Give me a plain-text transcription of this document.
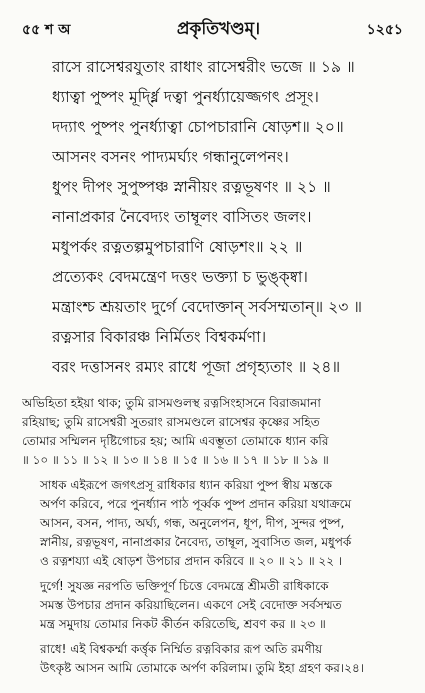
৫৫ শ অ	প্রকৃতিখণ্ডম্।	১২৫১
রাসে রাসেশ্বরযুতাং রাধাং রাসেশ্বরীং ভজে ॥ ১৯ ॥
ধ্যাত্বা পুষ্পং মূর্দ্ধ্নি দত্বা পুনর্ধ্যায়েজ্জগৎ প্রসূং।
দদ্যাৎ পুষ্পং পুনর্ধ্যাত্বা চোপচারানি ষোড়শ॥ ২০॥
আসনং বসনং পাদ্যমর্ঘ্যং গন্ধানুলেপনং।
ধুপং দীপং সুপুষ্পঞ্চ স্নানীয়ং রত্নভূষণং ॥ ২১ ॥
নানাপ্রকার নৈবেদ্যং তাম্বূলং বাসিতং জলং।
মধুপর্কং রত্নতল্পমুপচারাণি ষোড়শং॥ ২২ ॥
প্রত্যেকং বেদমন্ত্রেণ দত্তং ভক্ত্যা চ ভুঙ্‌ক্ষ্বা।
মন্ত্রাংশ্চ শ্রূয়তাং দুর্গে বেদোক্তান্ সর্বসম্মতান্॥ ২৩ ॥
রত্নসার বিকারঞ্চ নির্মিতং বিশ্বকর্মণা।
বরং দত্তাসনং রম্যং রাধে পূজা প্রগৃহ্যতাং ॥ ২৪॥

অভিহিতা হইয়া থাক; তুমি রাসমণ্ডলস্থ রত্নসিংহাসনে বিরাজমানা
রহিয়াছ; তুমি রাসেশ্বরী সুতরাং রাসমণ্ডলে রাসেশ্বর কৃষ্ণের সহিত
তোমার সম্মিলন দৃষ্টিগোচর হয়; আমি এবম্ভূতা তোমাকে ধ্যান করি
॥ ১০ ॥ ১১ ॥ ১২ ॥ ১৩ ॥ ১৪ ॥ ১৫ ॥ ১৬ ॥ ১৭ ॥ ১৮ ॥ ১৯ ॥

সাধক এইরূপে জগৎপ্রসূ রাধিকার ধ্যান করিয়া পুষ্প স্বীয় মস্তকে
অর্পণ করিবে, পরে পুনর্ধ্যান পাঠ পূর্ব্বক পুষ্প প্রদান করিয়া যথাক্রমে
আসন, বসন, পাদ্য, অর্ঘ্য, গন্ধ, অনুলেপন, ধূপ, দীপ, সুন্দর পুষ্প,
স্নানীয়, রত্নভূষণ, নানাপ্রকার নৈবেদ্য, তাম্বূল, সুবাসিত জল, মধুপর্ক
ও রত্নশয্যা এই ষোড়শ উপচার প্রদান করিবে ॥ ২০ ॥ ২১ ॥ ২২ ।

দুর্গে! সুযজ্ঞ নরপতি ভক্তিপূর্ণ চিত্তে বেদমন্ত্রে শ্রীমতী রাধিকাকে
সমস্ত উপচার প্রদান করিয়াছিলেন। একণে সেই বেদোক্ত সর্বসম্মত
মন্ত্র সমুদায় তোমার নিকট কীর্তন করিতেছি, শ্রবণ কর ॥ ২৩ ॥

রাধে! এই বিশ্বকর্ম্মা কর্ত্তৃক নির্ম্মিত রত্নবিকার রূপ অতি রমণীয়
উৎকৃষ্ট আসন আমি তোমাকে অর্পণ করিলাম। তুমি ইহা গ্রহণ কর।২৪।
